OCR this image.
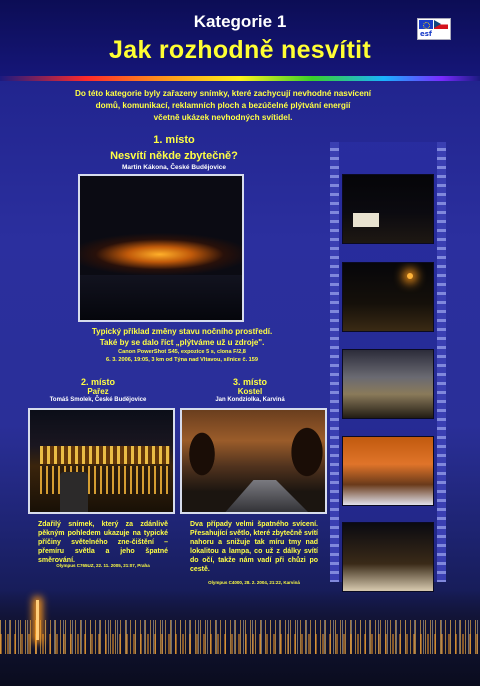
Kategorie 1
Jak rozhodně nesvítit
esf

Do této kategorie byly zařazeny snímky, které zachycují nevhodné nasvícení

domů, komunikací, reklamních ploch a bezúčelné plýtvání energií

včetně ukázek nevhodných svítidel.

1. místo
Nesvítí někde zbytečně?
Martin Kákona, České Budějovice
Typický příklad změny stavu nočního prostředí.
Také by se dalo říct „plýtváme už u zdroje".
Canon PowerShot S45, expozice 5 s, clona F/2,8
6. 3. 2006, 19:05, 3 km od Týna nad Vltavou, silnice č. 159
2. místo
Pařez
Tomáš Smolek, České Budějovice
3. místo
Kostel
Jan Kondziolka, Karviná

Zdařilý snímek, který za zdánlivě pěkným pohledem ukazuje na typické příčiny světelného zne-čištění – přemíru světla a jeho špatné směrování.

Olympus C765UZ, 22. 11. 2005, 21:07, Praha

Dva případy velmi špatného svícení. Přesahující světlo, které zbytečně svítí nahoru a snižuje tak míru tmy nad lokalitou a lampa, co už z dálky svítí do očí, takže nám vadí při chůzi po cestě.

Olympus C4000, 28. 2. 2004, 21:22, Karviná
